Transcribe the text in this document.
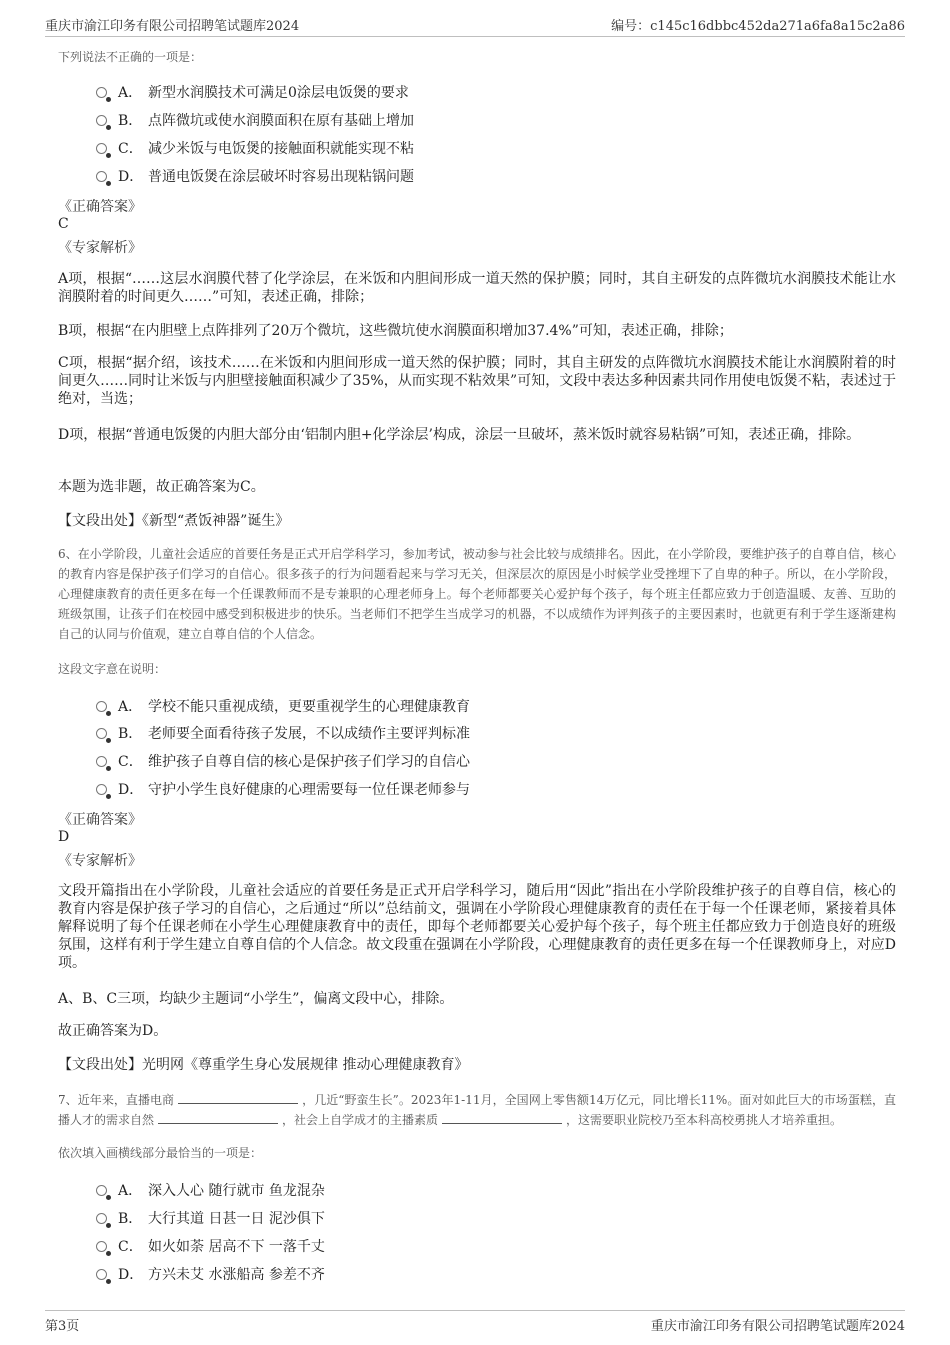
重庆市渝江印务有限公司招聘笔试题库2024	编号：c145c16dbbc452da271a6fa8a15c2a86
下列说法不正确的一项是：
A． 新型水润膜技术可满足0涂层电饭煲的要求
B． 点阵微坑或使水润膜面积在原有基础上增加
C． 减少米饭与电饭煲的接触面积就能实现不粘
D． 普通电饭煲在涂层破坏时容易出现粘锅问题
《正确答案》
C
《专家解析》
A项，根据“……这层水润膜代替了化学涂层，在米饭和内胆间形成一道天然的保护膜；同时，其自主研发的点阵微坑水润膜技术能让水润膜附着的时间更久……”可知，表述正确，排除；
B项，根据“在内胆壁上点阵排列了20万个微坑，这些微坑使水润膜面积增加37.4%”可知，表述正确，排除；
C项，根据“据介绍，该技术……在米饭和内胆间形成一道天然的保护膜；同时，其自主研发的点阵微坑水润膜技术能让水润膜附着的时间更久……同时让米饭与内胆壁接触面积减少了35%，从而实现不粘效果”可知，文段中表达多种因素共同作用使电饭煲不粘，表述过于绝对，当选；
D项，根据“普通电饭煲的内胆大部分由‘铝制内胆+化学涂层’构成，涂层一旦破坏，蒸米饭时就容易粘锅”可知，表述正确，排除。
本题为选非题，故正确答案为C。
【文段出处】《新型“煮饭神器”诞生》
6、在小学阶段，儿童社会适应的首要任务是正式开启学科学习，参加考试，被动参与社会比较与成绩排名。因此，在小学阶段，要维护孩子的自尊自信，核心的教育内容是保护孩子们学习的自信心。很多孩子的行为问题看起来与学习无关，但深层次的原因是小时候学业受挫埋下了自卑的种子。所以，在小学阶段，心理健康教育的责任更多在每一个任课教师而不是专兼职的心理老师身上。每个老师都要关心爱护每个孩子，每个班主任都应致力于创造温暖、友善、互助的班级氛围，让孩子们在校园中感受到积极进步的快乐。当老师们不把学生当成学习的机器，不以成绩作为评判孩子的主要因素时，也就更有利于学生逐渐建构自己的认同与价值观，建立自尊自信的个人信念。
这段文字意在说明：
A． 学校不能只重视成绩，更要重视学生的心理健康教育
B． 老师要全面看待孩子发展，不以成绩作主要评判标准
C． 维护孩子自尊自信的核心是保护孩子们学习的自信心
D． 守护小学生良好健康的心理需要每一位任课老师参与
《正确答案》
D
《专家解析》
文段开篇指出在小学阶段，儿童社会适应的首要任务是正式开启学科学习，随后用“因此”指出在小学阶段维护孩子的自尊自信，核心的教育内容是保护孩子学习的自信心，之后通过“所以”总结前文，强调在小学阶段心理健康教育的责任在于每一个任课老师，紧接着具体解释说明了每个任课老师在小学生心理健康教育中的责任，即每个老师都要关心爱护每个孩子，每个班主任都应致力于创造良好的班级氛围，这样有利于学生建立自尊自信的个人信念。故文段重在强调在小学阶段，心理健康教育的责任更多在每一个任课教师身上，对应D项。
A、B、C三项，均缺少主题词“小学生”，偏离文段中心，排除。
故正确答案为D。
【文段出处】光明网《尊重学生身心发展规律 推动心理健康教育》
7、近年来，直播电商	，几近“野蛮生长”。2023年1-11月，全国网上零售额14万亿元，同比增长11%。面对如此巨大的市场蛋糕，直播人才的需求自然	，社会上自学成才的主播素质	，这需要职业院校乃至本科高校勇挑人才培养重担。
依次填入画横线部分最恰当的一项是：
A． 深入人心 随行就市 鱼龙混杂
B． 大行其道 日甚一日 泥沙俱下
C． 如火如荼 居高不下 一落千丈
D． 方兴未艾 水涨船高 参差不齐
第3页	重庆市渝江印务有限公司招聘笔试题库2024
